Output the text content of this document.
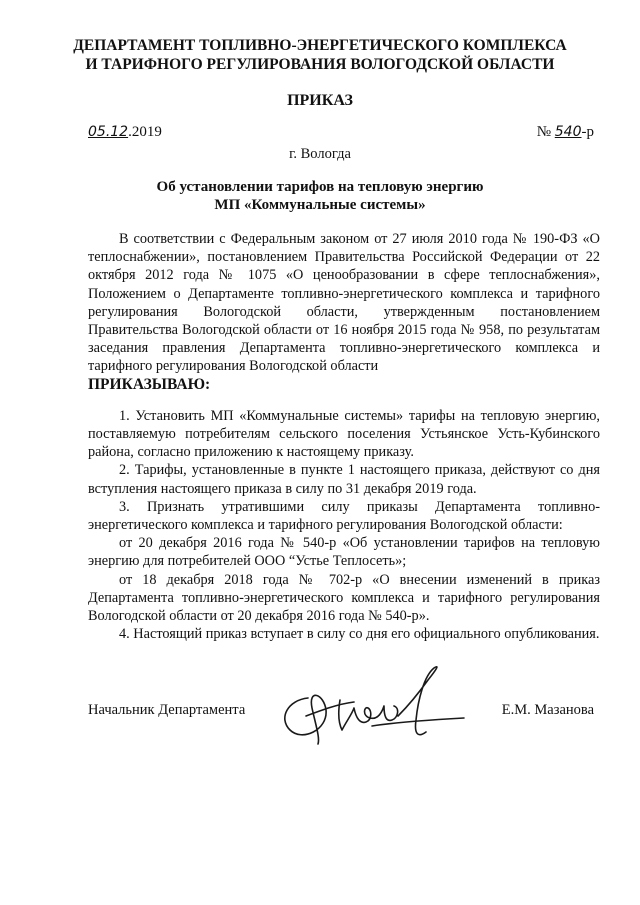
ДЕПАРТАМЕНТ ТОПЛИВНО-ЭНЕРГЕТИЧЕСКОГО КОМПЛЕКСА
И ТАРИФНОГО РЕГУЛИРОВАНИЯ ВОЛОГОДСКОЙ ОБЛАСТИ
ПРИКАЗ
05.12.2019	№ 540-р
г. Вологда
Об установлении тарифов на тепловую энергию
МП «Коммунальные системы»

В соответствии с Федеральным законом от 27 июля 2010 года № 190-ФЗ «О теплоснабжении», постановлением Правительства Российской Федерации от 22 октября 2012 года № 1075 «О ценообразовании в сфере теплоснабжения», Положением о Департаменте топливно-энергетического комплекса и тарифного регулирования Вологодской области, утвержденным постановлением Правительства Вологодской области от 16 ноября 2015 года № 958, по результатам заседания правления Департамента топливно-энергетического комплекса и тарифного регулирования Вологодской области

ПРИКАЗЫВАЮ:

1. Установить МП «Коммунальные системы» тарифы на тепловую энергию, поставляемую потребителям сельского поселения Устьянское Усть-Кубинского района, согласно приложению к настоящему приказу.

2. Тарифы, установленные в пункте 1 настоящего приказа, действуют со дня вступления настоящего приказа в силу по 31 декабря 2019 года.

3. Признать утратившими силу приказы Департамента топливно-энергетического комплекса и тарифного регулирования Вологодской области:

от 20 декабря 2016 года № 540-р «Об установлении тарифов на тепловую энергию для потребителей ООО “Устье Теплосеть»;

от 18 декабря 2018 года № 702-р «О внесении изменений в приказ Департамента топливно-энергетического комплекса и тарифного регулирования Вологодской области от 20 декабря 2016 года № 540-р».

4. Настоящий приказ вступает в силу со дня его официального опубликования.

Начальник Департамента	Е.М. Мазанова
